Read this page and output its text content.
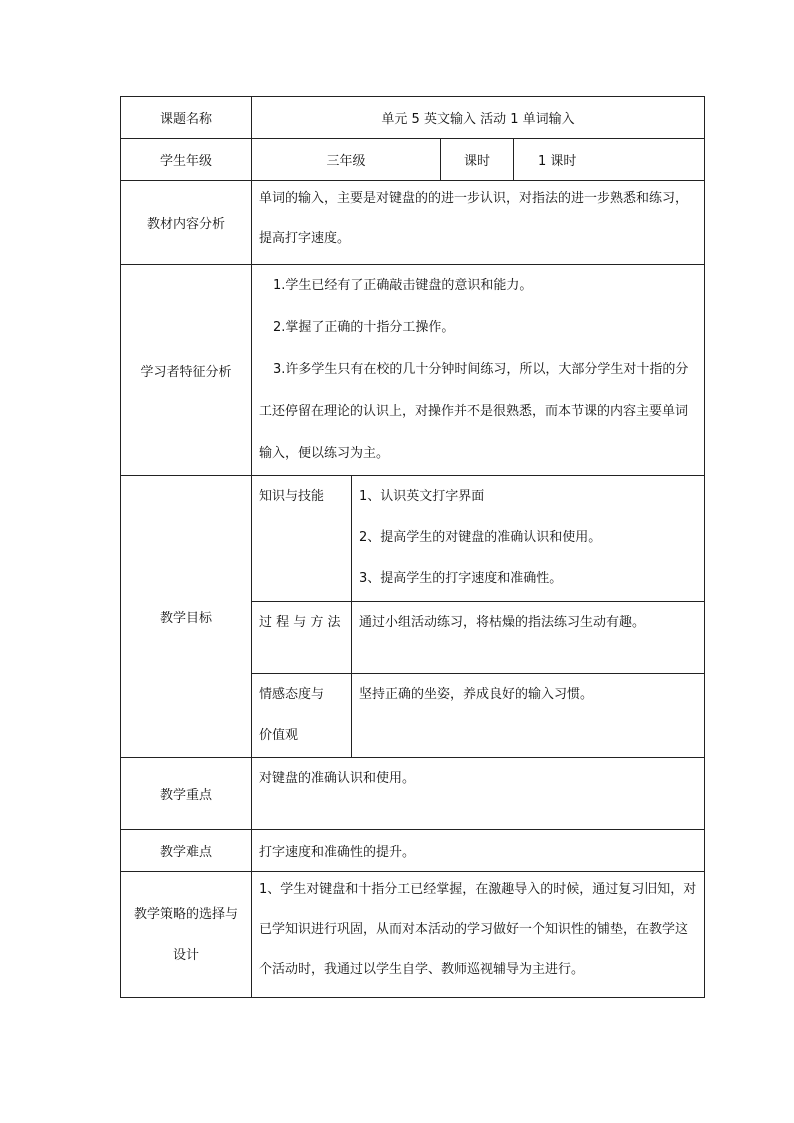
课题名称	单元 5 英文输入 活动 1 单词输入			
学生年级	三年级		课时	1 课时
教材内容分析	单词的输入，主要是对键盘的的进一步认识，对指法的进一步熟悉和练习，提高打字速度。			

学习者特征分析	1.学生已经有了正确敲击键盘的意识和能力。
2.掌握了正确的十指分工操作。
3.许多学生只有在校的几十分钟时间练习，所以，大部分学生对十指的分工还停留在理论的认识上，对操作并不是很熟悉，而本节课的内容主要单词输入，便以练习为主。			

教学目标	知识与技能	1、认识英文打字界面
2、提高学生的对键盘的准确认识和使用。
3、提高学生的打字速度和准确性。		

	过 程 与 方 法	通过小组活动练习，将枯燥的指法练习生动有趣。		

	情感态度与
价值观	坚持正确的坐姿，养成良好的输入习惯。		

教学重点	对键盘的准确认识和使用。			

教学难点	打字速度和准确性的提升。			

教学策略的选择与
设计	1、学生对键盘和十指分工已经掌握，在激趣导入的时候，通过复习旧知，对已学知识进行巩固，从而对本活动的学习做好一个知识性的铺垫，在教学这个活动时，我通过以学生自学、教师巡视辅导为主进行。			
